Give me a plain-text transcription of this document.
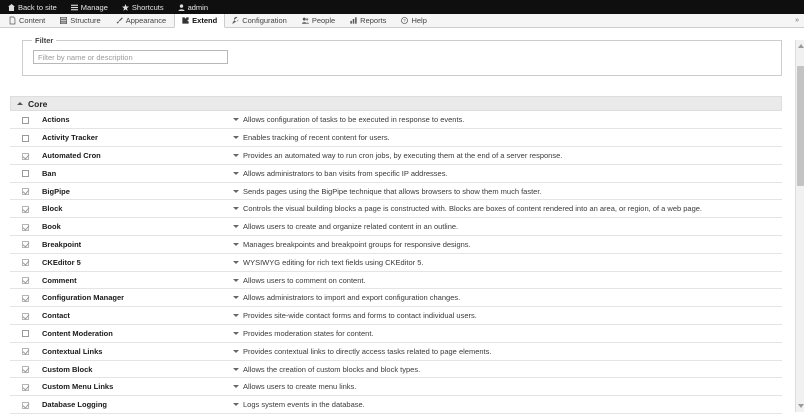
Back to site	Manage	Shortcuts	admin
Content	Structure	Appearance	Extend	Configuration	People	Reports	? Help	»
Filter
Filter by name or description
Core
	Actions	Allows configuration of tasks to be executed in response to events.

	Activity Tracker	Enables tracking of recent content for users.

	Automated Cron	Provides an automated way to run cron jobs, by executing them at the end of a server response.

	Ban	Allows administrators to ban visits from specific IP addresses.

	BigPipe	Sends pages using the BigPipe technique that allows browsers to show them much faster.

	Block	Controls the visual building blocks a page is constructed with. Blocks are boxes of content rendered into an area, or region, of a web page.

	Book	Allows users to create and organize related content in an outline.

	Breakpoint	Manages breakpoints and breakpoint groups for responsive designs.

	CKEditor 5	WYSIWYG editing for rich text fields using CKEditor 5.

	Comment	Allows users to comment on content.

	Configuration Manager	Allows administrators to import and export configuration changes.

	Contact	Provides site-wide contact forms and forms to contact individual users.

	Content Moderation	Provides moderation states for content.

	Contextual Links	Provides contextual links to directly access tasks related to page elements.

	Custom Block	Allows the creation of custom blocks and block types.

	Custom Menu Links	Allows users to create menu links.

	Database Logging	Logs system events in the database.
